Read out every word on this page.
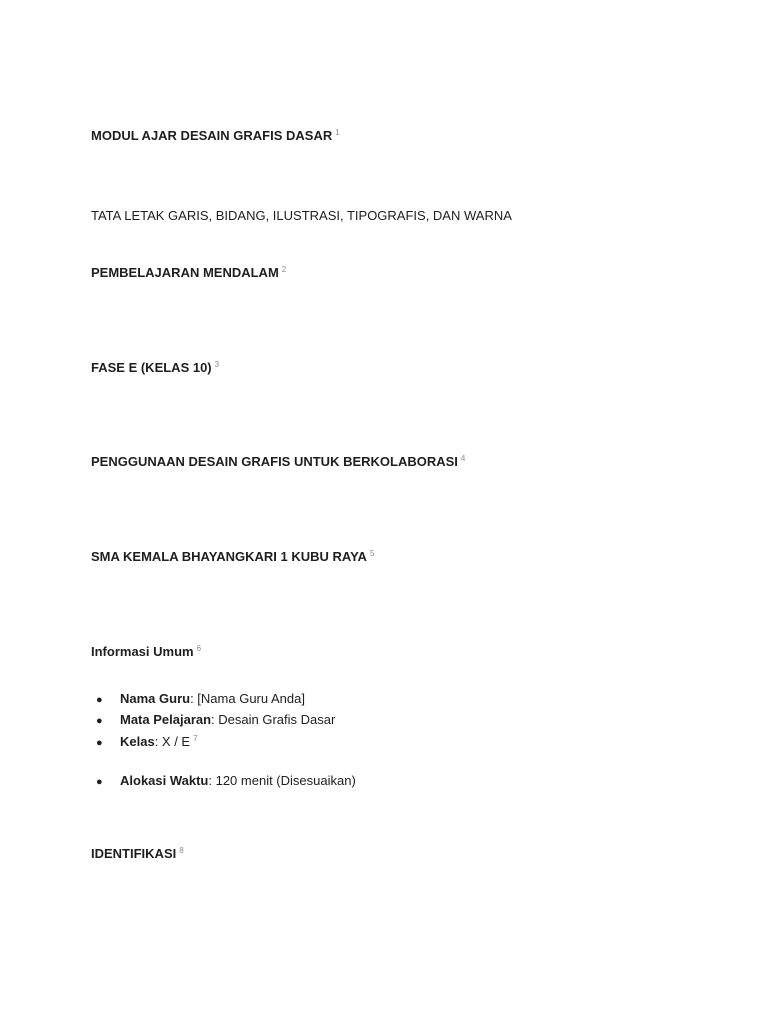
MODUL AJAR DESAIN GRAFIS DASAR $^1$
TATA LETAK GARIS, BIDANG, ILUSTRASI, TIPOGRAFIS, DAN WARNA
PEMBELAJARAN MENDALAM $^2$
FASE E (KELAS 10) $^3$
PENGGUNAAN DESAIN GRAFIS UNTUK BERKOLABORASI $^4$
SMA KEMALA BHAYANGKARI 1 KUBU RAYA $^5$
Informasi Umum $^6$
● Nama Guru: [Nama Guru Anda]
● Mata Pelajaran: Desain Grafis Dasar
● Kelas: X / E $^7$
● Alokasi Waktu: 120 menit (Disesuaikan)
IDENTIFIKASI $^8$
